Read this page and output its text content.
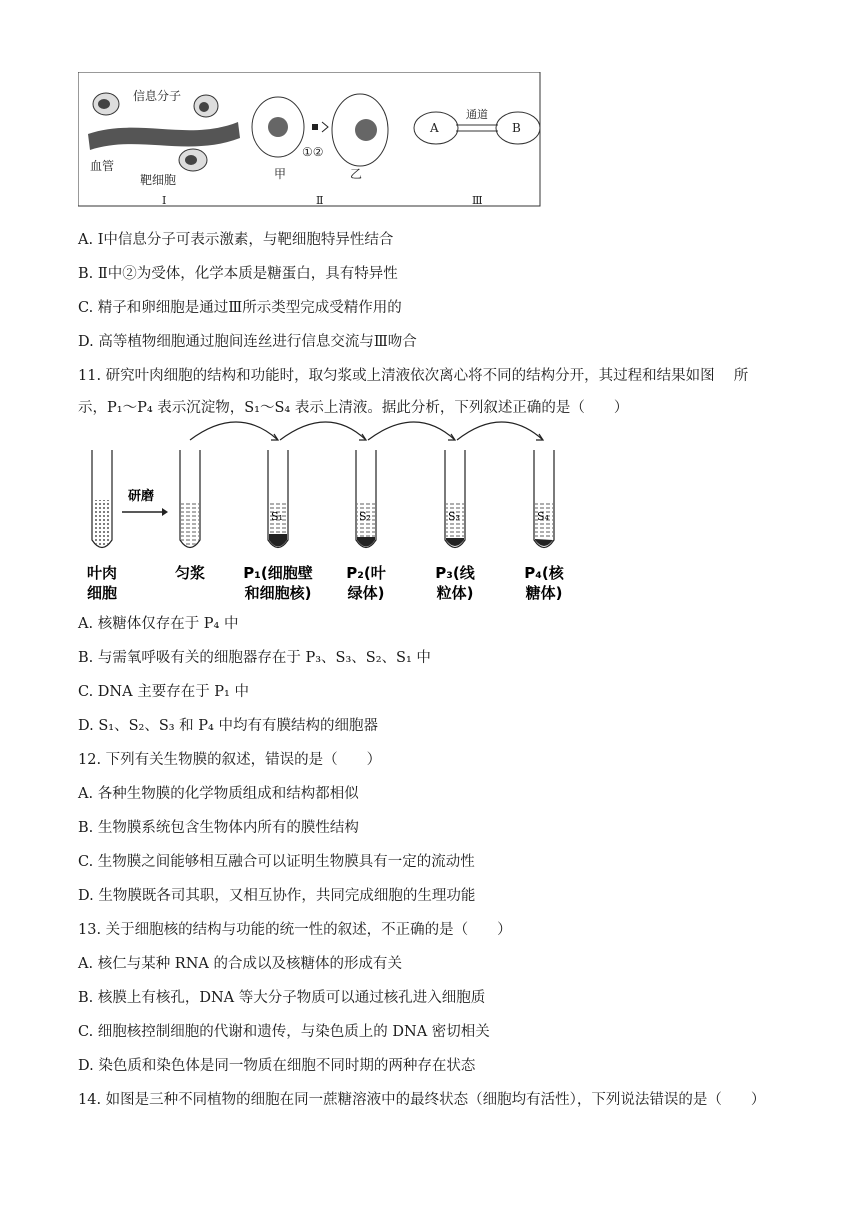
信息分子
血管
靶细胞
Ⅰ
①②
甲	乙
Ⅱ
通道
A	B
Ⅲ
A. Ⅰ中信息分子可表示激素，与靶细胞特异性结合
B. Ⅱ中②为受体，化学本质是糖蛋白，具有特异性
C. 精子和卵细胞是通过Ⅲ所示类型完成受精作用的
D. 高等植物细胞通过胞间连丝进行信息交流与Ⅲ吻合
11. 研究叶肉细胞的结构和功能时，取匀浆或上清液依次离心将不同的结构分开，其过程和结果如图　 所
示，P₁～P₄ 表示沉淀物，S₁～S₄ 表示上清液。据此分析，下列叙述正确的是（　　）
研磨
S₁	S₂	S₃	S₄
叶肉
细胞
匀浆	P₁(细胞壁
和细胞核)
P₂(叶
绿体)
P₃(线
粒体)
P₄(核
糖体)
A. 核糖体仅存在于 P₄ 中
B. 与需氧呼吸有关的细胞器存在于 P₃、S₃、S₂、S₁ 中
C. DNA 主要存在于 P₁ 中
D. S₁、S₂、S₃ 和 P₄ 中均有有膜结构的细胞器
12. 下列有关生物膜的叙述，错误的是（　　）
A. 各种生物膜的化学物质组成和结构都相似
B. 生物膜系统包含生物体内所有的膜性结构
C. 生物膜之间能够相互融合可以证明生物膜具有一定的流动性
D. 生物膜既各司其职，又相互协作，共同完成细胞的生理功能
13. 关于细胞核的结构与功能的统一性的叙述，不正确的是（　　）
A. 核仁与某种 RNA 的合成以及核糖体的形成有关
B. 核膜上有核孔，DNA 等大分子物质可以通过核孔进入细胞质
C. 细胞核控制细胞的代谢和遗传，与染色质上的 DNA 密切相关
D. 染色质和染色体是同一物质在细胞不同时期的两种存在状态
14. 如图是三种不同植物的细胞在同一蔗糖溶液中的最终状态（细胞均有活性），下列说法错误的是（　　）
